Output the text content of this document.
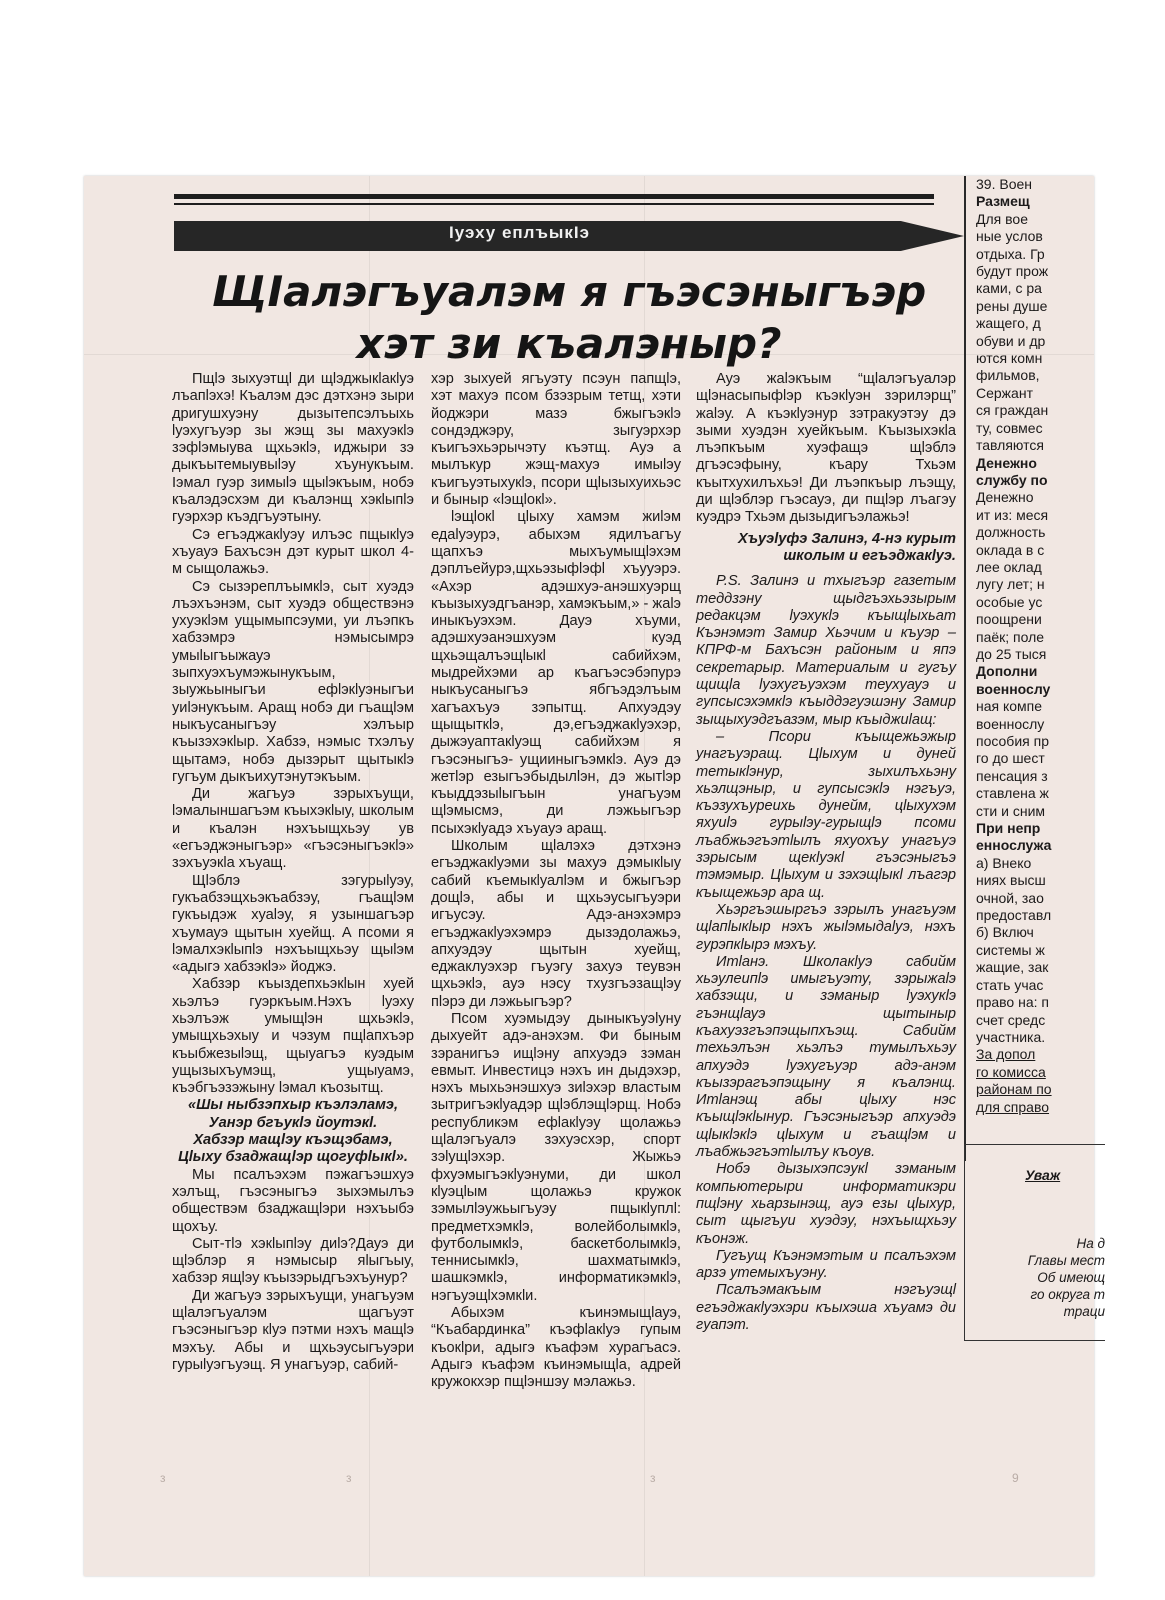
Iуэху еплъыкIэ
ЩIалэгъуалэм я гъэсэныгъэр
хэт зи къалэныр?

Пщlэ зыхуэтщl ди щlэджыкlакlуэ лъапlэхэ! Къалэм дэс дэтхэнэ зыри дригушхуэну дызытепсэлъыхь lуэхугъуэр зы жэщ зы махуэкlэ зэфlэмыува щхьэкlэ, иджыри зэ дыкъытемыувыlэу хъунукъым. Iэмал гуэр зимыlэ щыlэкъым, нобэ къалэдэсхэм ди къалэнщ хэкlыпlэ гуэрхэр къэдгъуэтыну.

Сэ егъэджакlуэу илъэс пщыкlуэ хъуауэ Бахъсэн дэт курыт школ 4-м сыщолажьэ.

Сэ сызэреплъымкlэ, сыт хуэдэ лъэхъэнэм, сыт хуэдэ обществэнэ ухуэкlэм ущымыпсэуми, уи лъэпкъ хабзэмрэ нэмысымрэ умыlыгъыжауэ зыпхуэхъумэжынукъым, зыужьыныгъи ефlэкlуэныгъи уиlэнукъым. Аращ нобэ ди гъащlэм ныкъусаныгъэу хэлъыр къызэхэкlыр. Хабзэ, нэмыс тхэлъу щытамэ, нобэ дызэрыт щытыкlэ гугъум дыкъихутэнутэкъым.

Ди жагъуэ зэрыхъущи, lэмалыншагъэм къыхэкlыу, школым и къалэн нэхъыщхьэу ув «егъэджэныгъэр» «гъэсэныгъэкlэ» зэхъуэкlа хъуащ.

Щlэблэ зэгурыlуэу, гукъабзэщхьэкъабзэу, гъащlэм гукъыдэж хуаlэу, я узыншагъэр хъумауэ щытын хуейщ. А псоми я lэмалхэкlыпlэ нэхъыщхьэу щыlэм «адыгэ хабзэкlэ» йоджэ.

Хабзэр къыздепхьэкlын хуей хьэлъэ гуэркъым.Нэхъ lуэху хьэлъэж умыщlэн щхьэкlэ, умыщхьэхыу и чэзум пщlапхъэр къыбжезыlэщ, щыуагъэ куэдым ущызыхъумэщ, ущыуамэ, къэбгъэзэжыну lэмал къозытщ.

«Шы ныбзэпхыр къэлэламэ,

Уанэр бгъукlэ йоутэкl.

Хабзэр мащlэу къэщэбамэ,

Цlыху бзаджащlэр щогуфlыкl».

Мы псалъэхэм пэжагъэшхуэ хэлъщ, гъэсэныгъэ зыхэмылъэ обществэм бзаджащlэри нэхъыбэ щохъу.

Сыт-тlэ хэкlыпlэу диlэ?Дауэ ди щlэблэр я нэмысыр яlыгъыу, хабзэр ящlэу къызэрыдгъэхъунур?

Ди жагъуэ зэрыхъущи, унагъуэм щlалэгъуалэм щагъуэт гъэсэныгъэр кlуэ пэтми нэхъ мащlэ мэхъу. Абы и щхьэусыгъуэри гурыlуэгъуэщ. Я унагъуэр, сабий-

хэр зыхуей ягъуэту псэун папщlэ, хэт махуэ псом бзэзрым тетщ, хэти йоджэри мазэ бжыгъэкlэ сондэджэру, зыгуэрхэр къигъэхьэрычэту къэтщ. Ауэ а мылъкур жэщ-махуэ имыlэу къигъуэтыхукlэ, псори щlызыхуихьэс и быныр «lэщlокl».

lэщlокl цlыху хамэм жиlэм едаlуэурэ, абыхэм ядилъагъу щапхъэ мыхъумыщlэхэм дэплъейурэ,щхьэзыфlэфl хъууэрэ. «Ахэр адэшхуэ-анэшхуэрщ къызыхуэдгъанэр, хамэкъым,» - жаlэ иныкъуэхэм. Дауэ хъуми, адэшхуэанэшхуэм куэд щхьэщалъэщlыкl сабийхэм, мыдрейхэми ар къагъэсэбэпурэ ныкъусаныгъэ ябгъэдэлъым хагъахъуэ зэпытщ. Апхуэдэу щыщыткlэ, дэ,егъэджакlуэхэр, дыжэуаптакlуэщ сабийхэм я гъэсэныгъэ- ущииныгъэмкlэ. Ауэ дэ жетlэр езыгъэбыдылlэн, дэ жытlэр къыддэзыlыгъын унагъуэм щlэмысмэ, ди лэжьыгъэр псыхэкlуадэ хъуауэ аращ.

Школым щlалэхэ дэтхэнэ егъэджакlуэми зы махуэ дэмыкlыу сабий къемыкlуалlэм и бжыгъэр дощlэ, абы и щхьэусыгъуэри игъусэу. Адэ-анэхэмрэ егъэджакlуэхэмрэ дызэдолажьэ, апхуэдэу щытын хуейщ, еджаклуэхэр гъуэгу захуэ теувэн щхьэкlэ, ауэ нэсу тхузгъэзащlэу пlэрэ ди лэжьыгъэр?

Псом хуэмыдэу дыныкъуэlуну дыхуейт адэ-анэхэм. Фи быным зэранигъэ ищlэну апхуэдэ зэман евмыт. Инвестицэ нэхъ ин дыдэхэр, нэхъ мыхьэнэшхуэ зиlэхэр властым зытригъэкlуадэр щlэблэщlэрщ. Нобэ республикэм ефlакlуэу щолажьэ щlалэгъуалэ зэхуэсхэр, спорт зэlущlэхэр. Жыжьэ фхуэмыгъэкlуэнуми, ди школ кlуэцlым щолажьэ кружок зэмылlэужьыгъуэу пщыкlуплl: предметхэмкlэ, волейболымкlэ, футболымкlэ, баскетболымкlэ, теннисымкlэ, шахматымкlэ, шашкэмкlэ, информатикэмкlэ, нэгъуэщlхэмкlи.

Абыхэм къинэмыщlауэ, “Къабардинка” къэфlакlуэ гупым къокlри, адыгэ къафэм хурагъасэ. Адыгэ къафэм къинэмыщlа, адрей кружокхэр пщlэншэу мэлажьэ.

Ауэ жаlэкъым “щlалэгъуалэр щlэнасыпыфlэр къэкlуэн зэрилэрщ” жаlэу. А къэкlуэнур зэтракуэтэу дэ зыми хуэдэн хуейкъым. Къызыхэкlа лъэпкъым хуэфащэ щlэблэ дгъэсэфыну, къару Тхьэм къытхухилъхьэ! Ди лъэпкъыр лъэщу, ди щlэблэр гъэсауэ, ди пщlэр лъагэу куэдрэ Тхьэм дызыдигъэлажьэ!

Хъуэlуфэ Залинэ, 4-нэ курыт

школым и егъэджакlуэ.

P.S. Залинэ и тхыгъэр газетым теддзэну щыдгъэхьэзырым редакцэм lуэхукlэ къыщlыхьат Къэнэмэт Замир Хьэчим и къуэр – КПРФ-м Бахъсэн районым и япэ секретарыр. Материалым и гугъу щищlа lуэхугъуэхэм теухуауэ и гупсысэхэмкlэ къыддэгуэшэну Замир зыщыхуэдгъазэм, мыр къыджиlащ:

– Псори къыщежьэжыр унагъуэращ. Цlыхум и дуней тетыкlэнур, зыхилъхьэну хьэлщэныр, и гупсысэкlэ нэгъуэ, къэзухъуреихь дунейм, цlыхухэм яхуиlэ гурыlэу-гурыщlэ псоми лъабжьэгъэтlылъ яхуохъу унагъуэ зэрысым щекlуэкl гъэсэныгъэ тэмэмыр. Цlыхум и зэхэщlыкl лъагэр къыщежьэр ара щ.

Хьэргъэшыргъэ зэрылъ унагъуэм щlапlыкlыр нэхъ жыlэмыдаlуэ, нэхъ гурэпкlырэ мэхъу.

Итlанэ. Школакlуэ сабийм хьэулеипlэ имыгъуэту, зэрыжаlэ хабзэщи, и зэманыр lуэхукlэ гъэнщlауэ щытыныр къахуэзгъэпэщыпхъэщ. Сабийм техьэлъэн хьэлъэ тумылъхьэу апхуэдэ lуэхугъуэр адэ-анэм къызэрагъэпэщыну я къалэнщ. Итlанэщ абы цlыху нэс къыщlэкlынур. Гъэсэныгъэр апхуэдэ щlыкlэкlэ цlыхум и гъащlэм и лъабжьэгъэтlылъу къоув.

Нобэ дызыхэпсэукl зэманым компьютерыри информатикэри пщlэну хьарзынэщ, ауэ езы цlыхур, сыт щыгъуи хуэдэу, нэхъыщхьэу къонэж.

Гугъущ Къэнэмэтым и псалъэхэм арзэ утемыхъуэну.

Псалъэмакъым нэгъуэщl егъэджакlуэхэри къыхэша хъуамэ ди гуапэт.

39. Воен
Размещ
Для вое
ные услов
отдыха. Гр
будут прож
ками, с ра
рены душе
жащего, д
обуви и др
ются комн
фильмов,
Сержант
ся граждан
ту, совмес
тавляются
Денежно
службу по
Денежно
ит из: меся
должность
оклада в с
лее оклад
лугу лет; н
особые ус
поощрени
паёк; полe
до 25 тыся
Дополни
военнослу
ная компе
военнослу
пособия пр
го до шест
пенсация з
ставлена ж
сти и сним
При непр
еннослужа
а) Внеко
ниях высш
очной, зао
предоставл
б) Включ
системы ж
жащие, зак
стать учас
право на: п
счет средс
участника.
За допол
го комисса
районам по
для справо
Уваж
На д
Главы мест
Об имеющ
го округа т
траци
з	з	з	9
